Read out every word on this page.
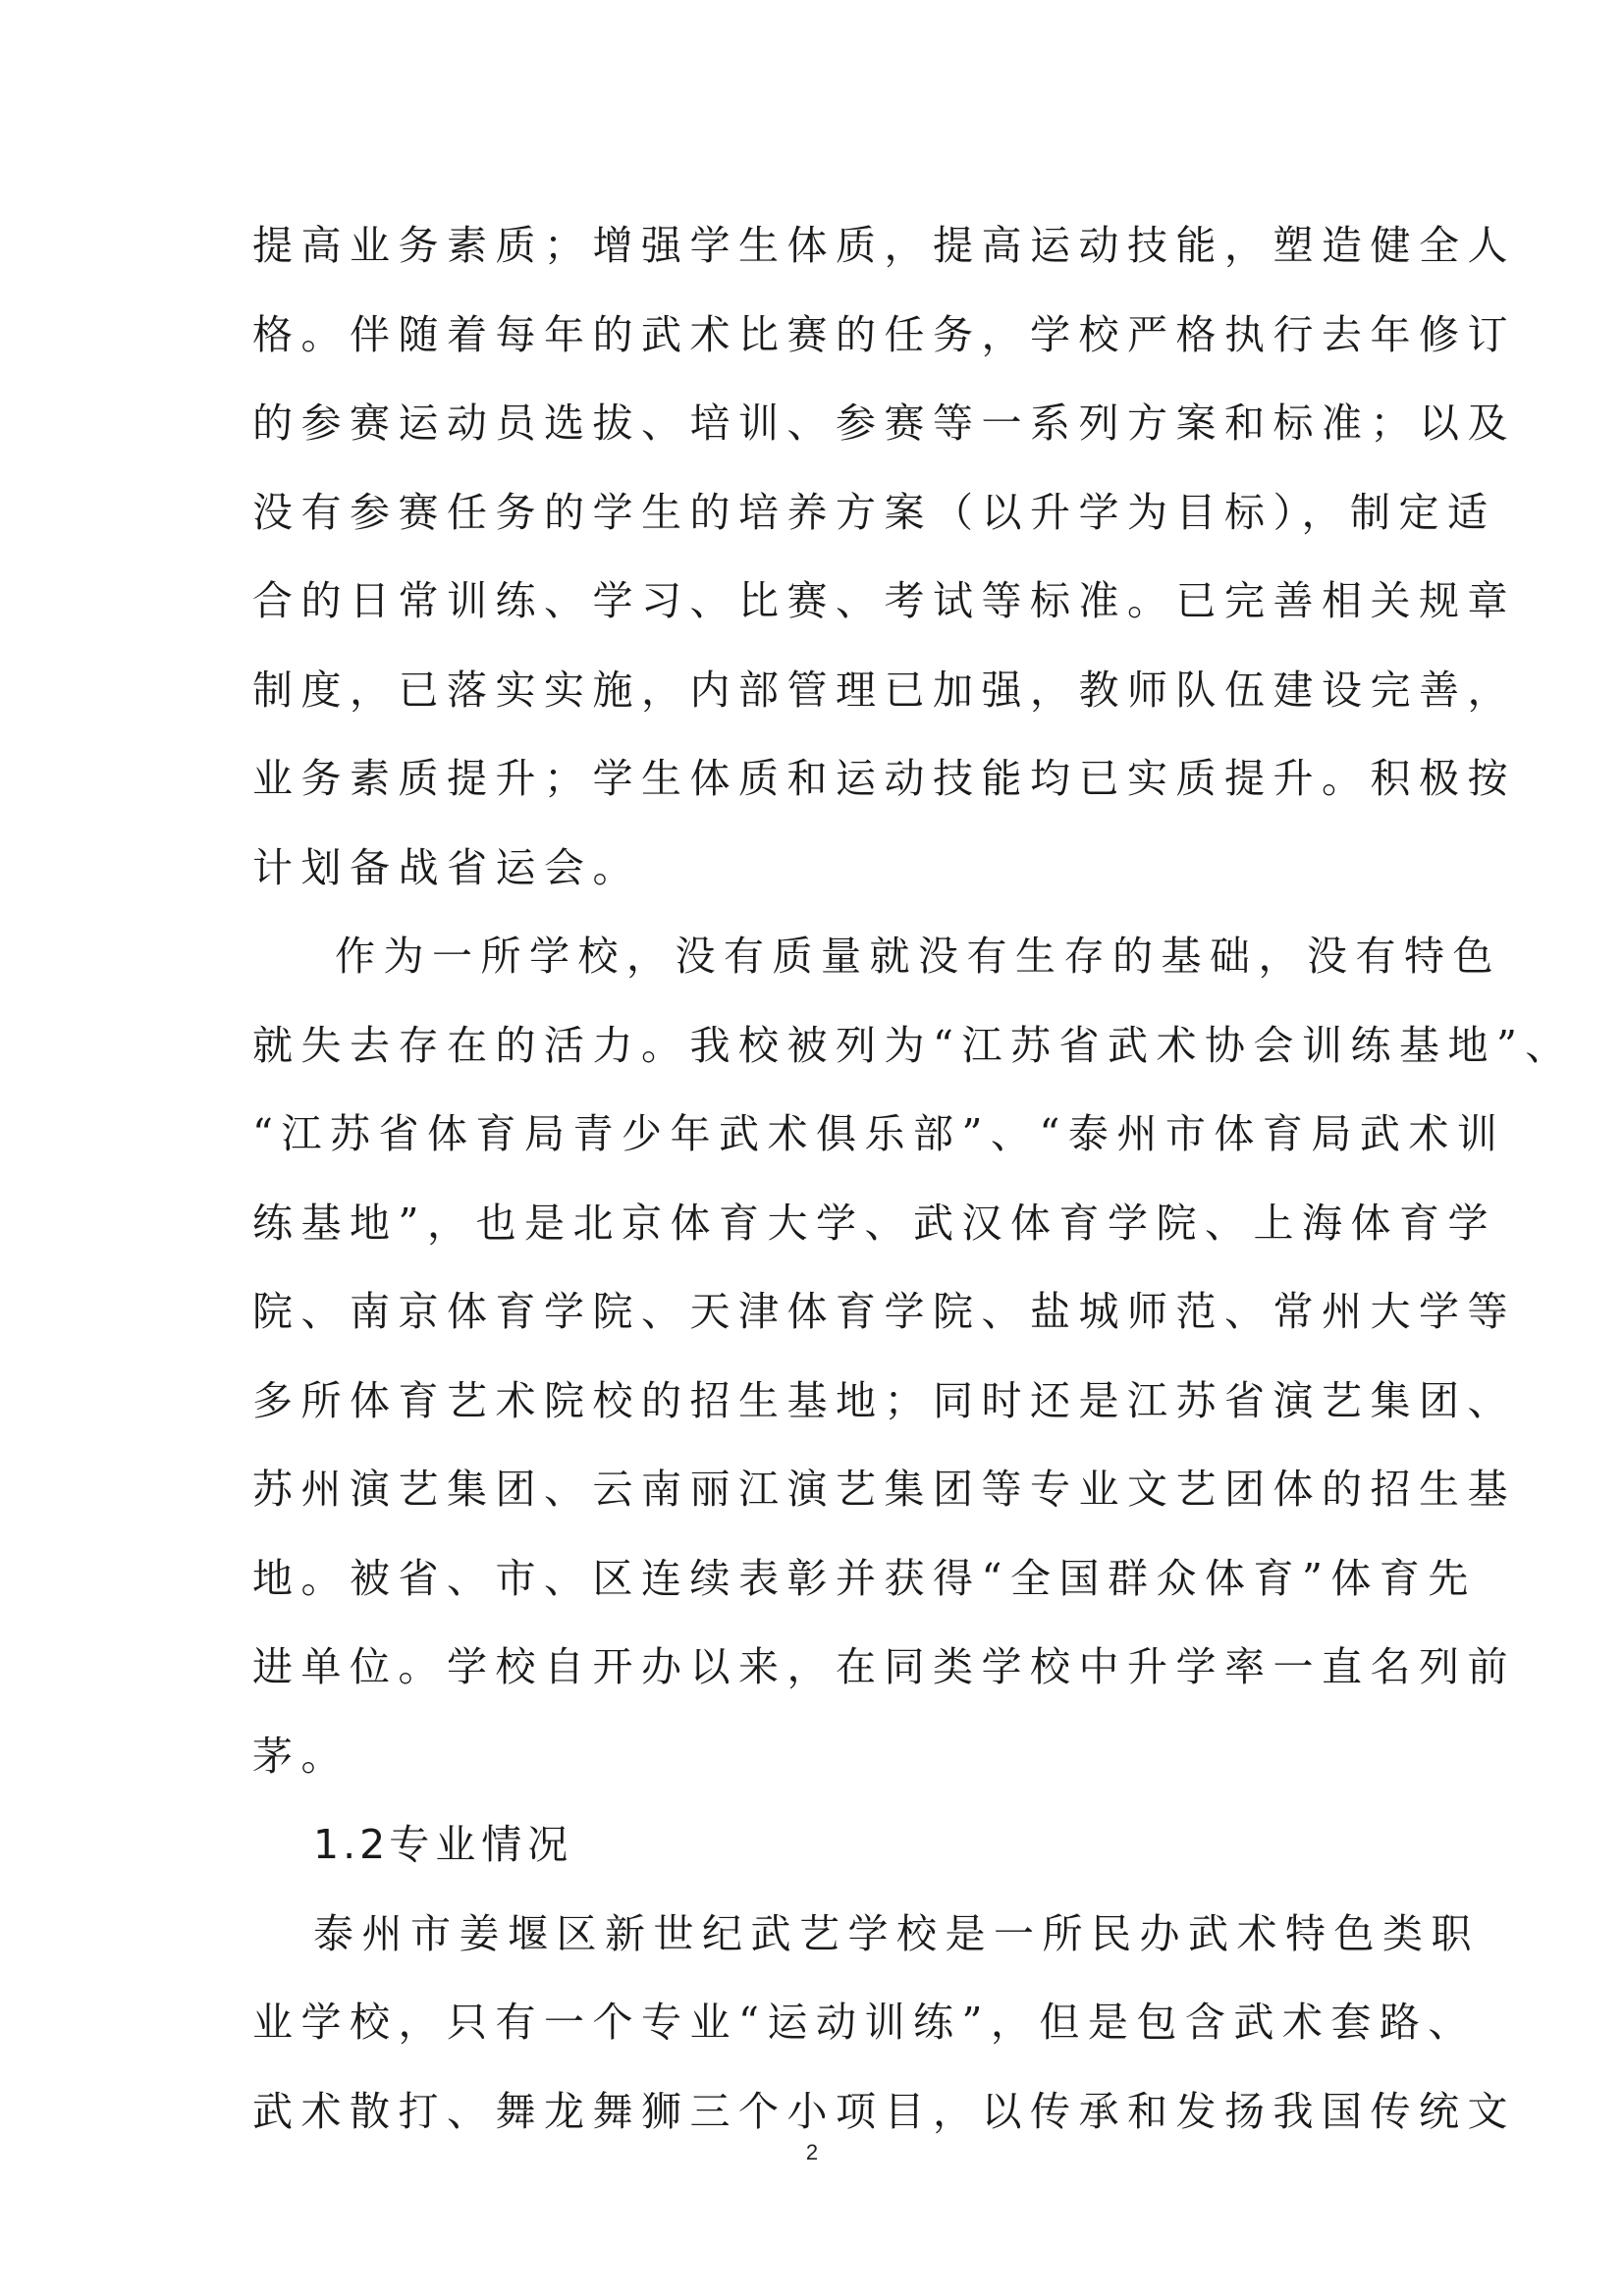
提高业务素质；增强学生体质，提高运动技能，塑造健全人
格。伴随着每年的武术比赛的任务，学校严格执行去年修订
的参赛运动员选拔、培训、参赛等一系列方案和标准；以及
没有参赛任务的学生的培养方案（以升学为目标），制定适
合的日常训练、学习、比赛、考试等标准。已完善相关规章
制度，已落实实施，内部管理已加强，教师队伍建设完善，
业务素质提升；学生体质和运动技能均已实质提升。积极按
计划备战省运会。
作为一所学校，没有质量就没有生存的基础，没有特色
就失去存在的活力。我校被列为“江苏省武术协会训练基地”、
“江苏省体育局青少年武术俱乐部”、“泰州市体育局武术训
练基地”，也是北京体育大学、武汉体育学院、上海体育学
院、南京体育学院、天津体育学院、盐城师范、常州大学等
多所体育艺术院校的招生基地；同时还是江苏省演艺集团、
苏州演艺集团、云南丽江演艺集团等专业文艺团体的招生基
地。被省、市、区连续表彰并获得“全国群众体育”体育先
进单位。学校自开办以来，在同类学校中升学率一直名列前
茅。
1.2专业情况
泰州市姜堰区新世纪武艺学校是一所民办武术特色类职
业学校，只有一个专业“运动训练”，但是包含武术套路、
武术散打、舞龙舞狮三个小项目，以传承和发扬我国传统文
2
